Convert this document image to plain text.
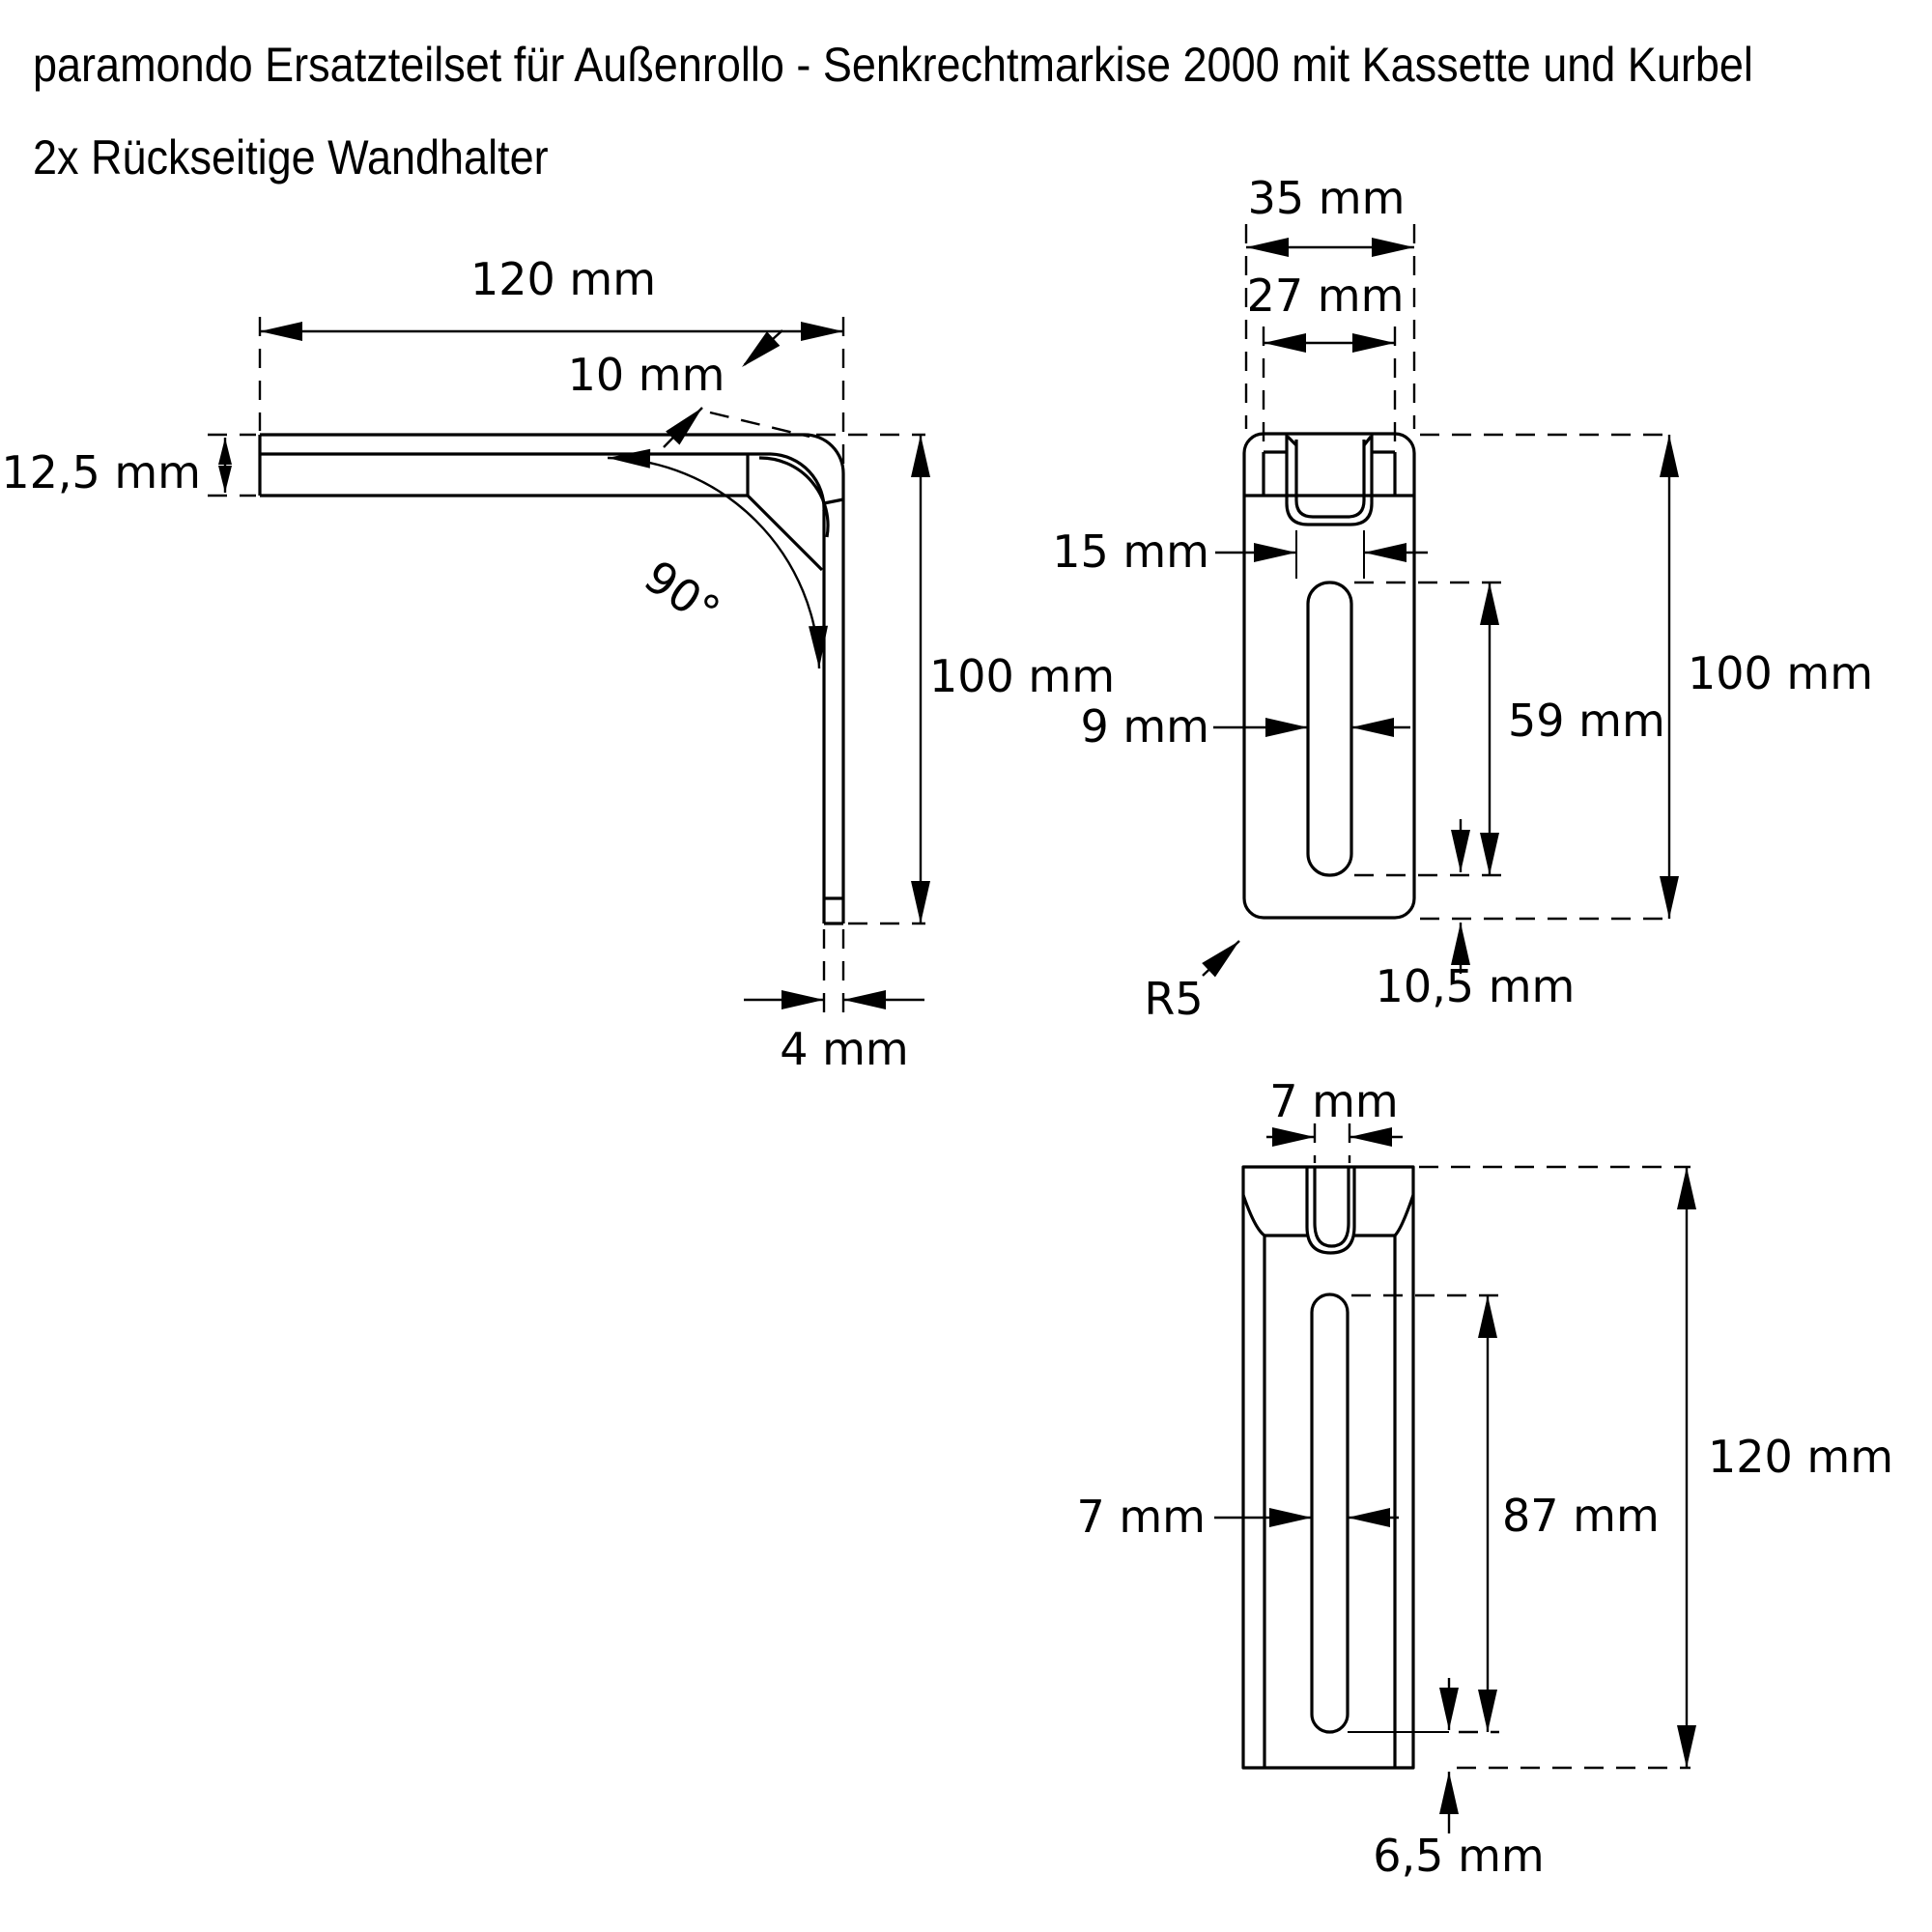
paramondo Ersatzteilset für Außenrollo - Senkrechtmarkise 2000 mit Kassette und Kurbel
2x Rückseitige Wandhalter
120 mm
10 mm
12,5 mm
90°
100 mm
4 mm
35 mm
27 mm
15 mm
9 mm	59 mm
100 mm
R5	10,5 mm
7 mm
7 mm	87 mm
120 mm
6,5 mm
